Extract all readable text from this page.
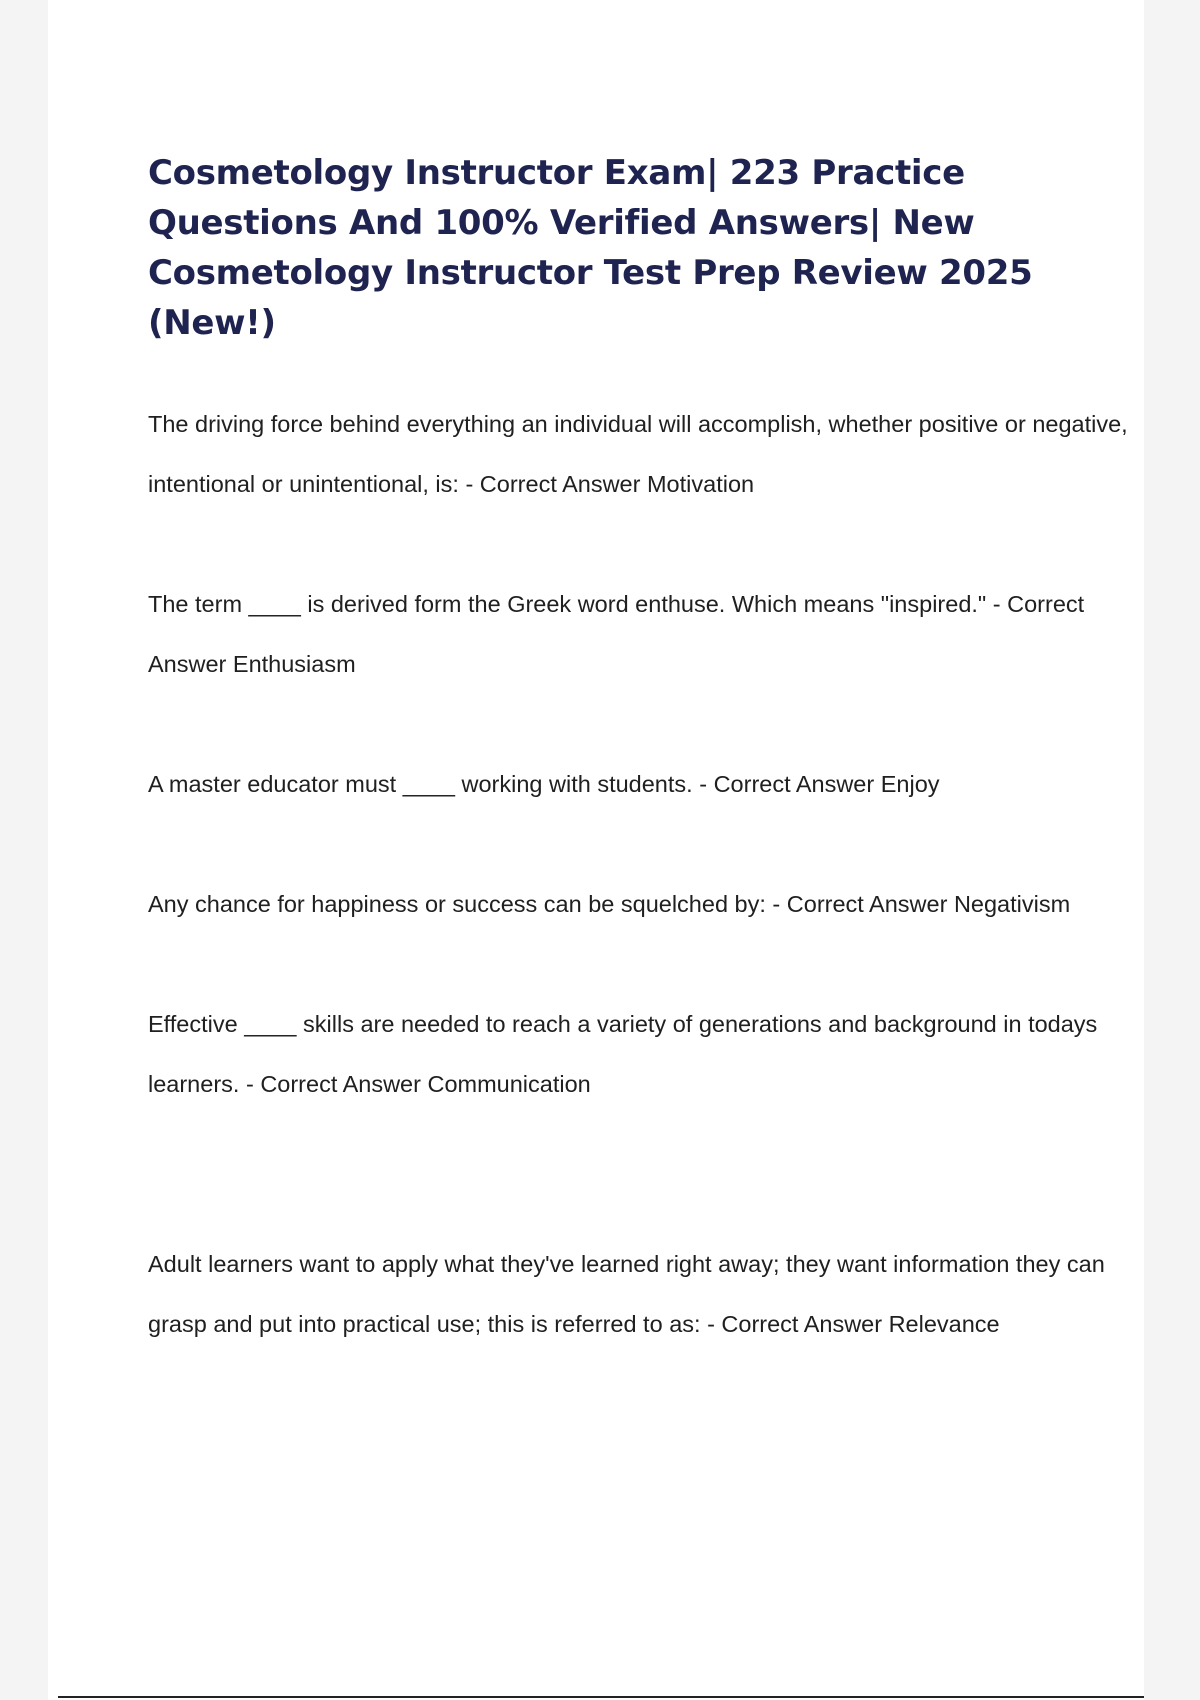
Cosmetology Instructor Exam| 223 Practice Questions And 100% Verified Answers| New Cosmetology Instructor Test Prep Review 2025 (New!)

The driving force behind everything an individual will accomplish, whether positive or negative, intentional or unintentional, is: - Correct Answer Motivation

The term ____ is derived form the Greek word enthuse. Which means "inspired." - Correct Answer Enthusiasm

A master educator must ____ working with students. - Correct Answer Enjoy

Any chance for happiness or success can be squelched by: - Correct Answer Negativism

Effective ____ skills are needed to reach a variety of generations and background in todays learners. - Correct Answer Communication

Adult learners want to apply what they've learned right away; they want information they can grasp and put into practical use; this is referred to as: - Correct Answer Relevance
